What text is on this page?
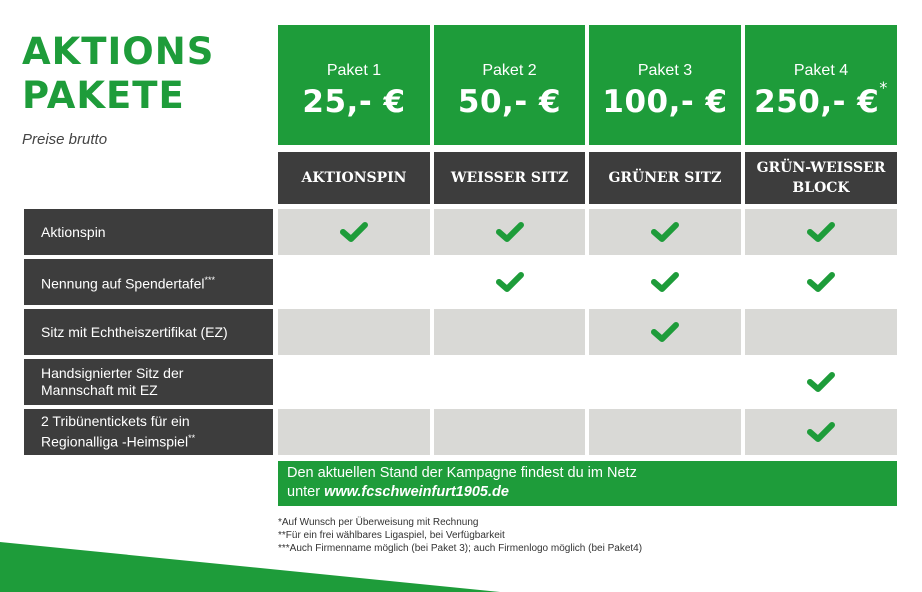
AKTIONS
PAKETE
Preise brutto
Paket 1
25,- €
Paket 2
50,- €
Paket 3
100,- €
Paket 4
250,- €*
AKTIONSPIN	WEISSER SITZ	GRÜNER SITZ
GRÜN-WEISSER
BLOCK
Aktionspin
Nennung auf Spendertafel***
Sitz mit Echtheiszertifikat (EZ)
Handsignierter Sitz der
Mannschaft mit EZ
2 Tribünentickets für ein
Regionalliga -Heimspiel**
Den aktuellen Stand der Kampagne findest du im Netz
unter www.fcschweinfurt1905.de
*Auf Wunsch per Überweisung mit Rechnung
**Für ein frei wählbares Ligaspiel, bei Verfügbarkeit
***Auch Firmenname möglich (bei Paket 3); auch Firmenlogo möglich (bei Paket4)
